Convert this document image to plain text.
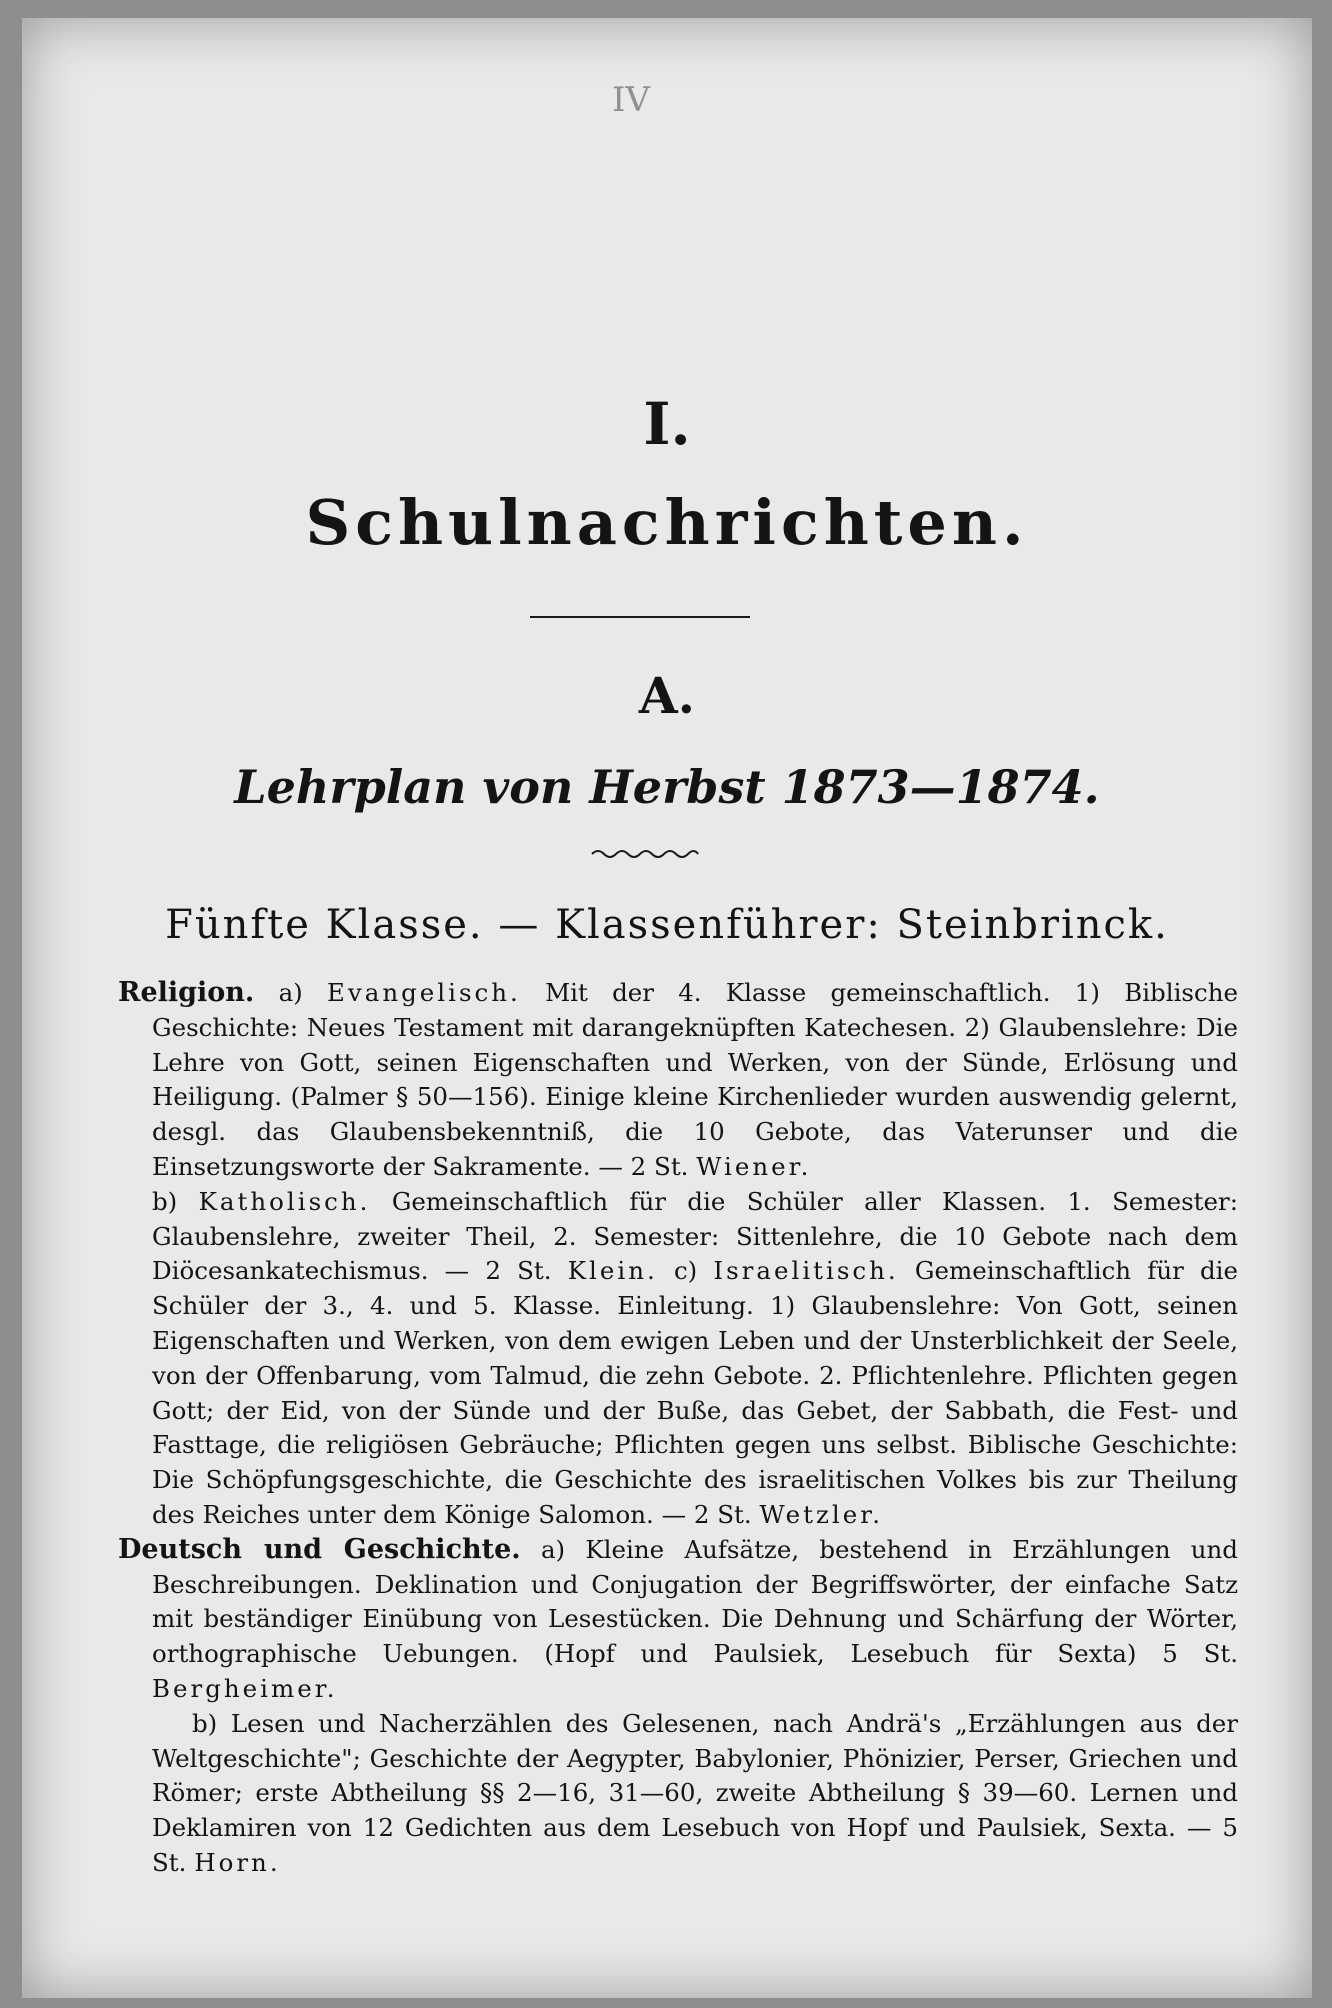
IV
I.
Schulnachrichten.
A.
Lehrplan von Herbst 1873—1874.
Fünfte Klasse. — Klassenführer: Steinbrinck.

Religion. a) Evangelisch. Mit der 4. Klasse gemeinschaftlich. 1) Biblische Geschichte: Neues Testament mit darangeknüpften Katechesen. 2) Glaubenslehre: Die Lehre von Gott, seinen Eigenschaften und Werken, von der Sünde, Erlösung und Heiligung. (Palmer § 50—156). Einige kleine Kirchenlieder wurden auswendig gelernt, desgl. das Glaubensbekenntniß, die 10 Gebote, das Vaterunser und die Einsetzungsworte der Sakramente. — 2 St. Wiener.
b) Katholisch. Gemeinschaftlich für die Schüler aller Klassen. 1. Semester: Glaubenslehre, zweiter Theil, 2. Semester: Sittenlehre, die 10 Gebote nach dem Diöcesankatechismus. — 2 St. Klein. c) Israelitisch. Gemeinschaftlich für die Schüler der 3., 4. und 5. Klasse. Einleitung. 1) Glaubenslehre: Von Gott, seinen Eigenschaften und Werken, von dem ewigen Leben und der Unsterblichkeit der Seele, von der Offenbarung, vom Talmud, die zehn Gebote. 2. Pflichtenlehre. Pflichten gegen Gott; der Eid, von der Sünde und der Buße, das Gebet, der Sabbath, die Fest- und Fasttage, die religiösen Gebräuche; Pflichten gegen uns selbst. Biblische Geschichte: Die Schöpfungsgeschichte, die Geschichte des israelitischen Volkes bis zur Theilung des Reiches unter dem Könige Salomon. — 2 St. Wetzler.

Deutsch und Geschichte. a) Kleine Aufsätze, bestehend in Erzählungen und Beschreibungen. Deklination und Conjugation der Begriffswörter, der einfache Satz mit beständiger Einübung von Lesestücken. Die Dehnung und Schärfung der Wörter, orthographische Uebungen. (Hopf und Paulsiek, Lesebuch für Sexta) 5 St. Bergheimer.

b) Lesen und Nacherzählen des Gelesenen, nach Andrä's „Erzählungen aus der Weltgeschichte"; Geschichte der Aegypter, Babylonier, Phönizier, Perser, Griechen und Römer; erste Abtheilung §§ 2—16, 31—60, zweite Abtheilung § 39—60. Lernen und Deklamiren von 12 Gedichten aus dem Lesebuch von Hopf und Paulsiek, Sexta. — 5 St. Horn.
